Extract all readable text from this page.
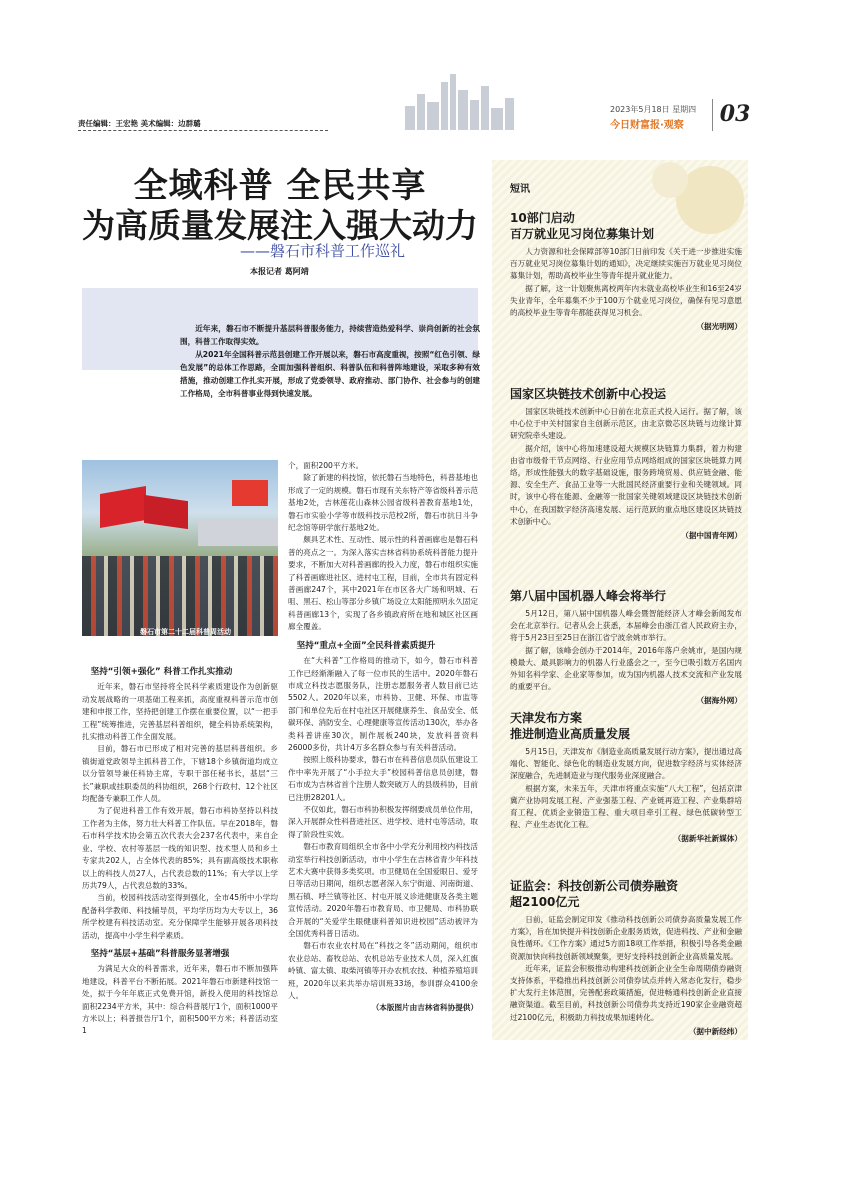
责任编辑：王宏艳 美术编辑：边群璐
2023年5月18日 星期四
今日财富报·观察 03
全域科普 全民共享
为高质量发展注入强大动力
——磐石市科普工作巡礼
本报记者 葛阿靖

近年来，磐石市不断提升基层科普服务能力，持续营造热爱科学、崇尚创新的社会氛围，科普工作取得实效。

从2021年全国科普示范县创建工作开展以来，磐石市高度重视，按照“红色引领、绿色发展”的总体工作思路，全面加强科普组织、科普队伍和科普阵地建设，采取多种有效措施，推动创建工作扎实开展，形成了党委领导、政府推动、部门协作、社会参与的创建工作格局，全市科普事业得到快速发展。

磐石市第二十二届科普周活动
坚持“引领+强化” 科普工作扎实推动

近年来，磐石市坚持将全民科学素质建设作为创新驱动发展战略的一项基础工程来抓，高度重视科普示范市创建和申报工作，坚持把创建工作摆在重要位置，以“一把手工程”统筹推进，完善基层科普组织，健全科协系统架构，扎实推动科普工作全面发展。

目前，磐石市已形成了相对完善的基层科普组织。乡镇街道党政领导主抓科普工作，下辖18个乡镇街道均成立以分管领导兼任科协主席，专职干部任秘书长，基层“三长”兼职或挂职委员的科协组织，268个行政村、12个社区均配备专兼职工作人员。

为了促进科普工作有效开展，磐石市科协坚持以科技工作者为主体，努力壮大科普工作队伍。早在2018年，磐石市科学技术协会第五次代表大会237名代表中，来自企业、学校、农村等基层一线的知识型、技术型人员和乡土专家共202人，占全体代表的85%；具有副高级技术职称以上的科技人员27人，占代表总数的11%；有大学以上学历共79人，占代表总数的33%。

当前，校园科技活动室得到强化，全市45所中小学均配备科学教师、科技辅导员，平均学历均为大专以上，36所学校建有科技活动室。充分保障学生能够开展各项科技活动，提高中小学生科学素质。

坚持“基层+基础”科普服务显著增强

为满足大众的科普需求，近年来，磐石市不断加强阵地建设，科普平台不断拓展。2021年磐石市新建科技馆一处，拟于今年年底正式免费开馆，新投入使用的科技馆总面积2234平方米，其中：综合科普展厅1个，面积1000平方米以上；科普报告厅1个，面积500平方米；科普活动室1

个，面积200平方米。

除了新建的科技馆，依托磐石当地特色，科普基地也形成了一定的规模。磐石市现有关东特产等省级科普示范基地2处，吉林莲花山森林公园省级科普教育基地1处，磐石市实验小学等市级科技示范校2所，磐石市抗日斗争纪念馆等研学旅行基地2处。

颇具艺术性、互动性、展示性的科普画廊也是磐石科普的亮点之一。为深入落实吉林省科协系统科普能力提升要求，不断加大对科普画廊的投入力度，磐石市组织实施了科普画廊进社区、进村屯工程，目前，全市共有固定科普画廊247个，其中2021年在市区各大广场和明城、石咀、黑石、松山等部分乡镇广场设立太阳能照明永久固定科普画廊13个，实现了各乡镇政府所在地和城区社区画廊全覆盖。

坚持“重点+全面”全民科普素质提升

在“大科普”工作格局的推动下，如今，磐石市科普工作已经渐渐融入了每一位市民的生活中。2020年磐石市成立科技志愿服务队，注册志愿服务者人数目前已达5502人。2020年以来，市科协、卫健、环保、市监等部门和单位先后在村屯社区开展健康养生、食品安全、低碳环保、消防安全、心理健康等宣传活动130次，举办各类科普讲座30次，制作展板240块，发放科普资料26000多份，共计4万多名群众参与有关科普活动。

按照上级科协要求，磐石市在科普信息员队伍建设工作中率先开展了“小手拉大手”校园科普信息员创建，磐石市成为吉林省首个注册人数突破万人的县级科协，目前已注册28201人。

不仅如此，磐石市科协积极发挥纲要成员单位作用，深入开展群众性科普进社区、进学校、进村屯等活动，取得了阶段性实效。

磐石市教育局组织全市各中小学充分利用校内科技活动室举行科技创新活动，市中小学生在吉林省青少年科技艺术大赛中获得多类奖项。市卫健局在全国爱眼日、爱牙日等活动日期间，组织志愿者深入东宁街道、河南街道、黑石镇、呼兰镇等社区、村屯开展义诊进健康及各类主题宣传活动。2020年磐石市教育局、市卫健局、市科协联合开展的“关爱学生眼健康科普知识进校园”活动被评为全国优秀科普日活动。

磐石市农业农村局在“科技之冬”活动期间，组织市农业总站、畜牧总站、农机总站专业技术人员，深入红旗岭镇、富太镇、取柴河镇等开办农机农技、种植养殖培训班，2020年以来共举办培训班33场，参训群众4100余人。

（本版图片由吉林省科协提供）

短讯
10部门启动
百万就业见习岗位募集计划

人力资源和社会保障部等10部门日前印发《关于进一步推进实施百万就业见习岗位募集计划的通知》，决定继续实施百万就业见习岗位募集计划，帮助高校毕业生等青年提升就业能力。

据了解，这一计划聚焦离校两年内未就业高校毕业生和16至24岁失业青年，全年募集不少于100万个就业见习岗位，确保有见习意愿的高校毕业生等青年都能获得见习机会。

（据光明网）
国家区块链技术创新中心投运

国家区块链技术创新中心日前在北京正式投入运行。据了解，该中心位于中关村国家自主创新示范区，由北京微芯区块链与边缘计算研究院牵头建设。

据介绍，该中心将加速建设超大规模区块链算力集群，着力构建由省市级骨干节点网络、行业应用节点网络组成的国家区块链算力网络，形成性能强大的数字基础设施，服务跨境贸易、供应链金融、能源、安全生产、食品工业等一大批国民经济重要行业和关键领域。同时，该中心将在能源、金融等一批国家关键领域建设区块链技术创新中心，在我国数字经济高速发展、运行范跃的重点地区建设区块链技术创新中心。

（据中国青年网）
第八届中国机器人峰会将举行

5月12日，第八届中国机器人峰会暨智能经济人才峰会新闻发布会在北京举行。记者从会上获悉，本届峰会由浙江省人民政府主办，将于5月23日至25日在浙江省宁波余姚市举行。

据了解，该峰会创办于2014年，2016年落户余姚市，是国内规模最大、最具影响力的机器人行业盛会之一，至今已吸引数万名国内外知名科学家、企业家等参加，成为国内机器人技术交流和产业发展的重要平台。

（据海外网）
天津发布方案
推进制造业高质量发展

5月15日，天津发布《制造业高质量发展行动方案》，提出通过高端化、智能化、绿色化的制造业发展方向，促进数字经济与实体经济深度融合，先进制造业与现代服务业深度融合。

根据方案，未来五年，天津市将重点实施“八大工程”，包括京津冀产业协同发展工程、产业强基工程、产业链再造工程、产业集群培育工程、优质企业锻造工程、重大项目牵引工程、绿色低碳转型工程、产业生态优化工程。

（据新华社新媒体）
证监会：科技创新公司债券融资
超2100亿元

日前，证监会制定印发《推动科技创新公司债券高质量发展工作方案》，旨在加快提升科技创新企业服务质效，促进科技、产业和金融良性循环。《工作方案》通过5方面18项工作举措，积极引导各类金融资源加快向科技创新领域聚集，更好支持科技创新企业高质量发展。

近年来，证监会积极推动构建科技创新企业全生命周期债券融资支持体系，平稳推出科技创新公司债券试点并转入常态化发行，稳步扩大发行主体范围，完善配套政策措施，促进畅通科技创新企业直接融资渠道。截至目前，科技创新公司债券共支持近190家企业融资超过2100亿元，积极助力科技成果加速转化。

（据中新经纬）
